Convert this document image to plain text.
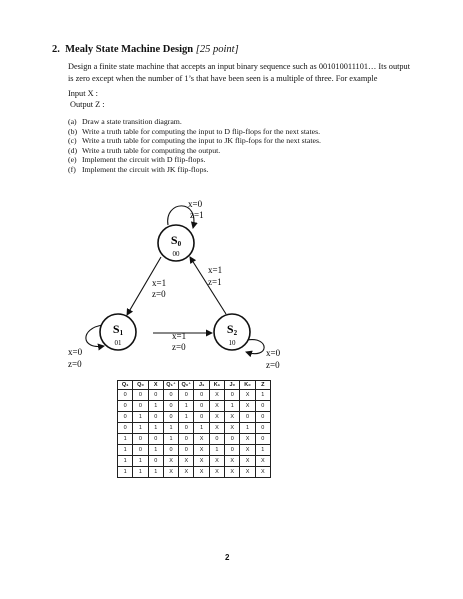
2. Mealy State Machine Design [25 point]
Design a finite state machine that accepts an input binary sequence such as 001010011101… Its output is zero except when the number of 1’s that have been seen is a multiple of three. For example
Input X :
Output Z :
(a) Draw a state transition diagram.
(b) Write a truth table for computing the input to D flip-flops for the next states.
(c) Write a truth table for computing the input to JK flip-fops for the next states.
(d) Write a truth table for computing the output.
(e) Implement the circuit with D flip-flops.
(f) Implement the circuit with JK flip-flops.
S0
00
S1
01
S2
10
x=0
z=1
x=0
z=0
x=0
z=0
x=1
z=0
x=1
z=0
x=1
z=1
Q₁	Q₀	X	Q₁⁺	Q₀⁺	J₁	K₁	J₀	K₀	Z
0	0	0	0	0	0	X	0	X	1
0	0	1	0	1	0	X	1	X	0
0	1	0	0	1	0	X	X	0	0
0	1	1	1	0	1	X	X	1	0
1	0	0	1	0	X	0	0	X	0
1	0	1	0	0	X	1	0	X	1
1	1	0	X	X	X	X	X	X	X
1	1	1	X	X	X	X	X	X	X
2
